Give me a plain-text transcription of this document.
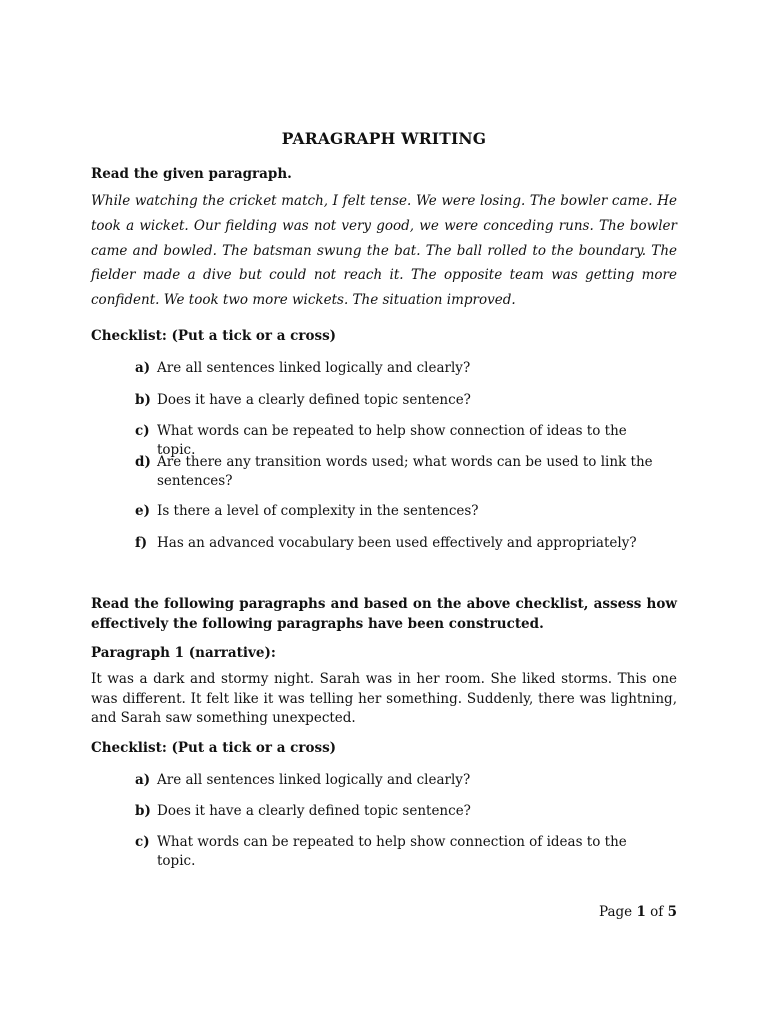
PARAGRAPH WRITING
Read the given paragraph.
While watching the cricket match, I felt tense. We were losing. The bowler came. He took a wicket. Our fielding was not very good, we were conceding runs. The bowler came and bowled. The batsman swung the bat. The ball rolled to the boundary. The fielder made a dive but could not reach it. The opposite team was getting more confident. We took two more wickets. The situation improved.
Checklist: (Put a tick or a cross)
a) Are all sentences linked logically and clearly?
b) Does it have a clearly defined topic sentence?
c) What words can be repeated to help show connection of ideas to the topic.
d) Are there any transition words used; what words can be used to link the sentences?
e) Is there a level of complexity in the sentences?
f) Has an advanced vocabulary been used effectively and appropriately?
Read the following paragraphs and based on the above checklist, assess how effectively the following paragraphs have been constructed.
Paragraph 1 (narrative):
It was a dark and stormy night. Sarah was in her room. She liked storms. This one was different. It felt like it was telling her something. Suddenly, there was lightning, and Sarah saw something unexpected.
Checklist: (Put a tick or a cross)
a) Are all sentences linked logically and clearly?
b) Does it have a clearly defined topic sentence?
c) What words can be repeated to help show connection of ideas to the topic.
Page 1 of 5
